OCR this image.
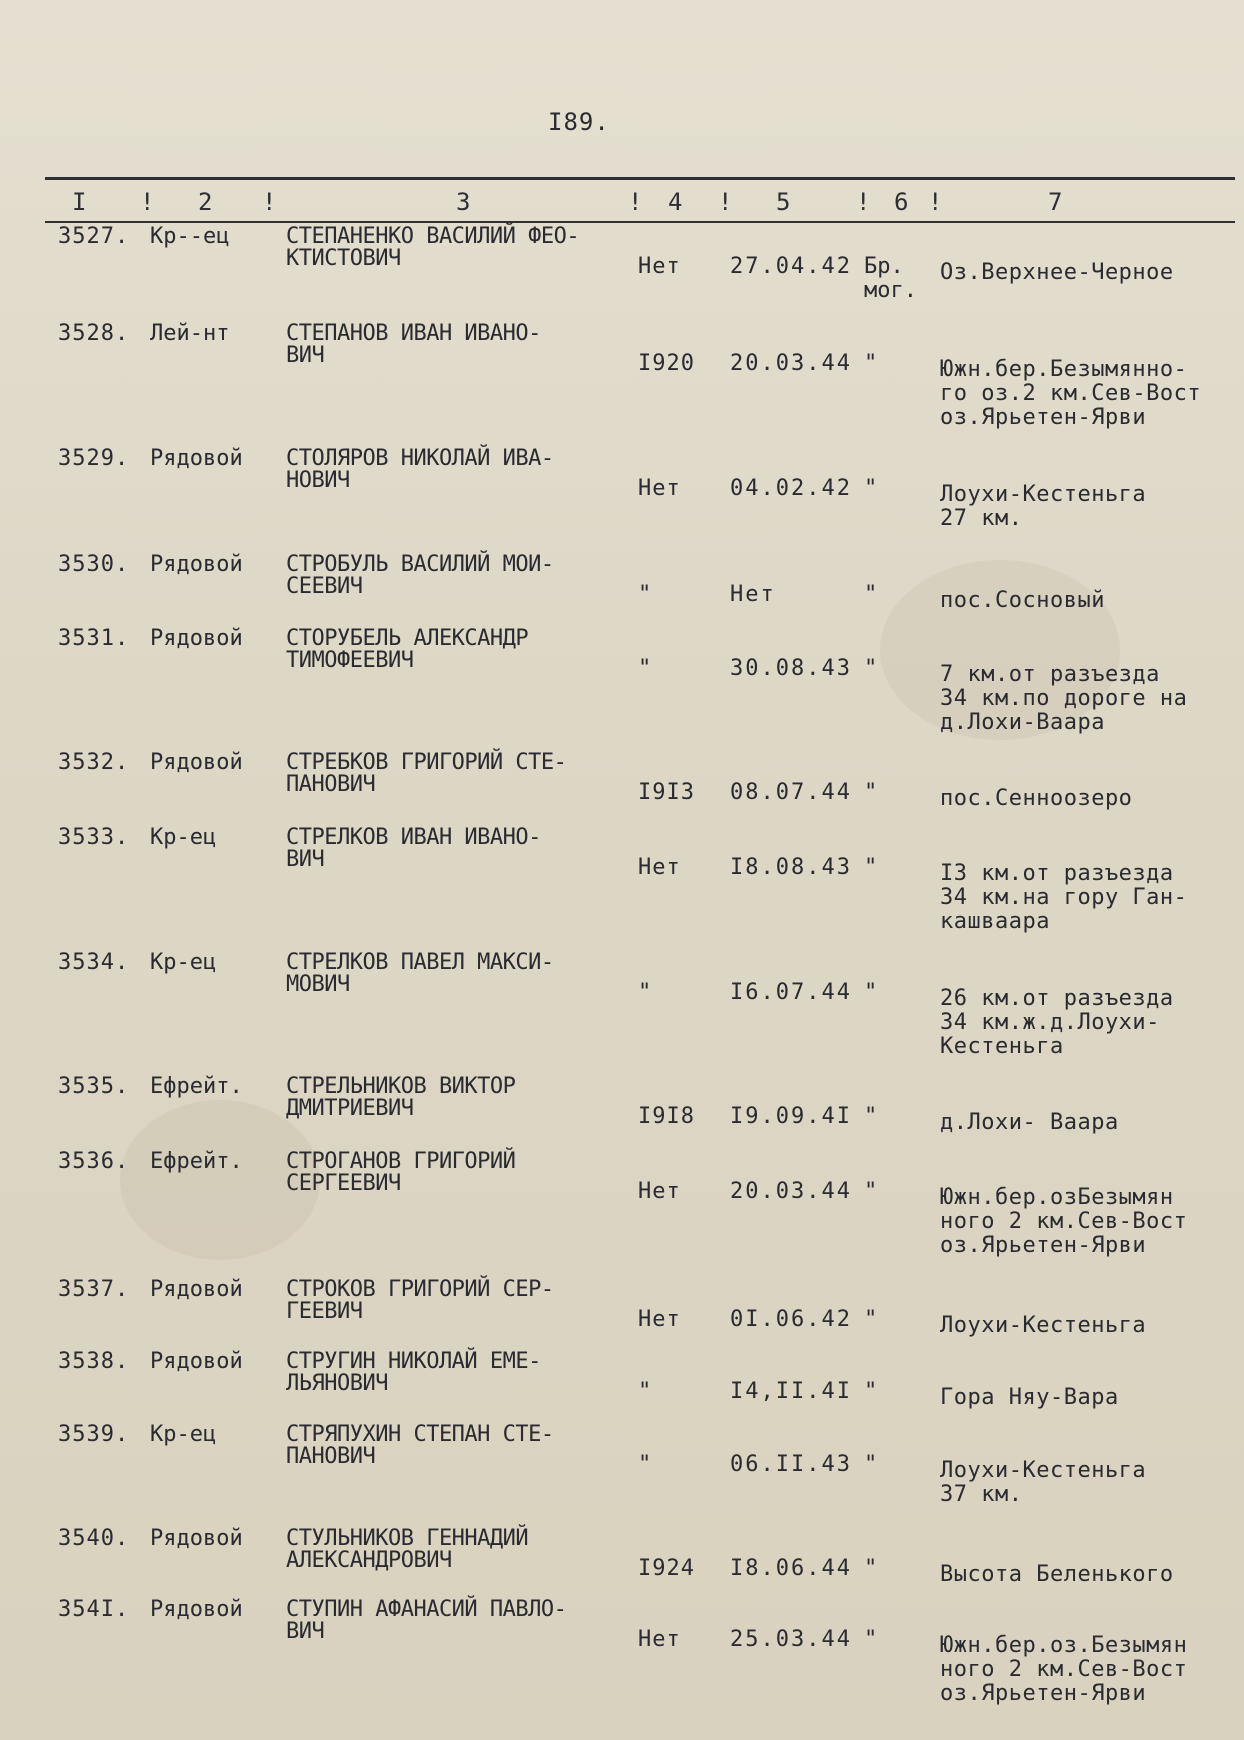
I89.
I ! 2 !	3	! 4 ! 5	! 6 !	7
3527. Кр--ец	СТЕПАНЕНКО ВАСИЛИЙ ФЕО-
КТИСТОВИЧ	Нет 27.04.42 Бр.
мог.
Оз.Верхнее-Черное
3528. Лей-нт	СТЕПАНОВ ИВАН ИВАНО-
ВИЧ	I920 20.03.44 "	Южн.бер.Безымянно-
го оз.2 км.Сев-Вост
оз.Ярьетен-Ярви
3529. Рядовой СТОЛЯРОВ НИКОЛАЙ ИВА-
НОВИЧ	Нет 04.02.42 "	Лоухи-Кестеньга
27 км.
3530. Рядовой СТРОБУЛЬ ВАСИЛИЙ МОИ-
СЕЕВИЧ	"	Нет	"	пос.Сосновый
3531. Рядовой СТОРУБЕЛЬ АЛЕКСАНДР
ТИМОФЕЕВИЧ	"	30.08.43 "	7 км.от разъезда
34 км.по дороге на
д.Лохи-Ваара
3532. Рядовой СТРЕБКОВ ГРИГОРИЙ СТЕ-
ПАНОВИЧ	I9I3 08.07.44 "	пос.Сенноозеро
3533. Кр-ец	СТРЕЛКОВ ИВАН ИВАНО-
ВИЧ	Нет I8.08.43 "	I3 км.от разъезда
34 км.на гору Ган-
кашваара
3534. Кр-ец	СТРЕЛКОВ ПАВЕЛ МАКСИ-
МОВИЧ	"	I6.07.44 "	26 км.от разъезда
34 км.ж.д.Лоухи-
Кестеньга
3535. Ефрейт. СТРЕЛЬНИКОВ ВИКТОР
ДМИТРИЕВИЧ	I9I8 I9.09.4I "	д.Лохи- Ваара
3536. Ефрейт. СТРОГАНОВ ГРИГОРИЙ
СЕРГЕЕВИЧ	Нет 20.03.44 "	Южн.бер.озБезымян
ного 2 км.Сев-Вост
оз.Ярьетен-Ярви
3537. Рядовой СТРОКОВ ГРИГОРИЙ СЕР-
ГЕЕВИЧ	Нет 0I.06.42 "	Лоухи-Кестеньга
3538. Рядовой СТРУГИН НИКОЛАЙ ЕМЕ-
ЛЬЯНОВИЧ	"	I4,II.4I "	Гора Няу-Вара
3539. Кр-ец	СТРЯПУХИН СТЕПАН СТЕ-
ПАНОВИЧ	"	06.II.43 "	Лоухи-Кестеньга
37 км.
3540. Рядовой СТУЛЬНИКОВ ГЕННАДИЙ
АЛЕКСАНДРОВИЧ	I924 I8.06.44 "	Высота Беленького
354I. Рядовой СТУПИН АФАНАСИЙ ПАВЛО-
ВИЧ	Нет 25.03.44 "	Южн.бер.оз.Безымян
ного 2 км.Сев-Вост
оз.Ярьетен-Ярви
